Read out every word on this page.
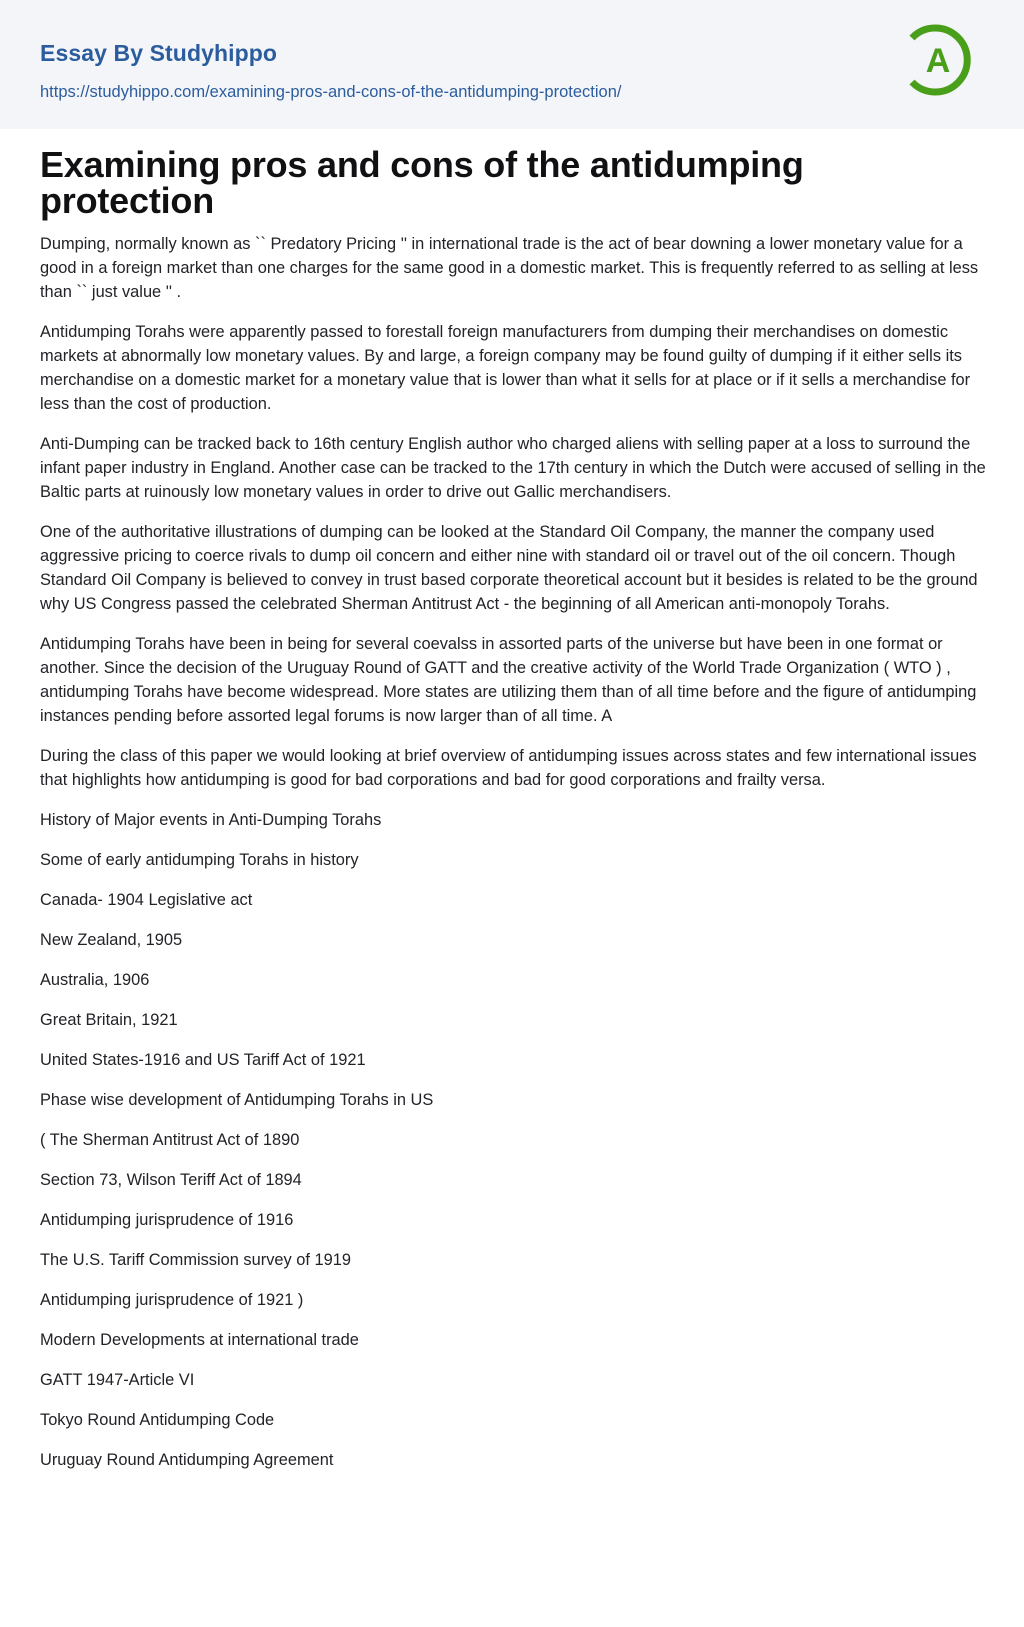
Essay By Studyhippo
https://studyhippo.com/examining-pros-and-cons-of-the-antidumping-protection/
A
Examining pros and cons of the antidumping protection

Dumping, normally known as `` Predatory Pricing '' in international trade is the act of bear downing a lower monetary value for a good in a foreign market than one charges for the same good in a domestic market. This is frequently referred to as selling at less than `` just value '' .

Antidumping Torahs were apparently passed to forestall foreign manufacturers from dumping their merchandises on domestic markets at abnormally low monetary values. By and large, a foreign company may be found guilty of dumping if it either sells its merchandise on a domestic market for a monetary value that is lower than what it sells for at place or if it sells a merchandise for less than the cost of production.

Anti-Dumping can be tracked back to 16th century English author who charged aliens with selling paper at a loss to surround the infant paper industry in England. Another case can be tracked to the 17th century in which the Dutch were accused of selling in the Baltic parts at ruinously low monetary values in order to drive out Gallic merchandisers.

One of the authoritative illustrations of dumping can be looked at the Standard Oil Company, the manner the company used aggressive pricing to coerce rivals to dump oil concern and either nine with standard oil or travel out of the oil concern. Though Standard Oil Company is believed to convey in trust based corporate theoretical account but it besides is related to be the ground why US Congress passed the celebrated Sherman Antitrust Act - the beginning of all American anti-monopoly Torahs.

Antidumping Torahs have been in being for several coevalss in assorted parts of the universe but have been in one format or another. Since the decision of the Uruguay Round of GATT and the creative activity of the World Trade Organization ( WTO ) , antidumping Torahs have become widespread. More states are utilizing them than of all time before and the figure of antidumping instances pending before assorted legal forums is now larger than of all time. A

During the class of this paper we would looking at brief overview of antidumping issues across states and few international issues that highlights how antidumping is good for bad corporations and bad for good corporations and frailty versa.

History of Major events in Anti-Dumping Torahs

Some of early antidumping Torahs in history

Canada- 1904 Legislative act

New Zealand, 1905

Australia, 1906

Great Britain, 1921

United States-1916 and US Tariff Act of 1921

Phase wise development of Antidumping Torahs in US

( The Sherman Antitrust Act of 1890

Section 73, Wilson Teriff Act of 1894

Antidumping jurisprudence of 1916

The U.S. Tariff Commission survey of 1919

Antidumping jurisprudence of 1921 )

Modern Developments at international trade

GATT 1947-Article VI

Tokyo Round Antidumping Code

Uruguay Round Antidumping Agreement
